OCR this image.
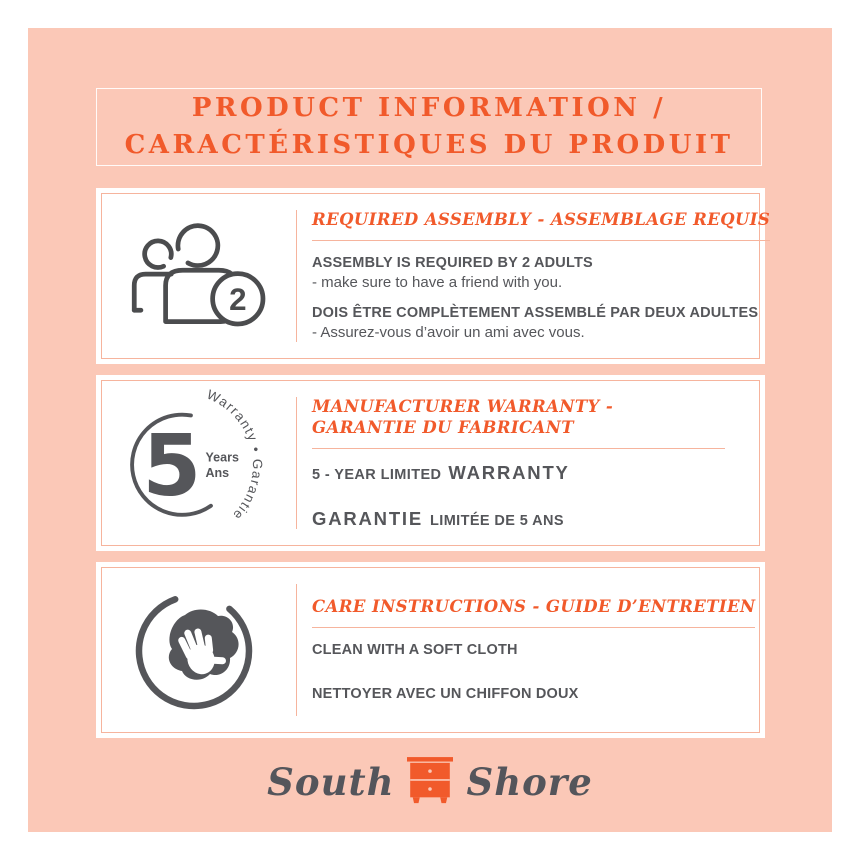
PRODUCT INFORMATION /
CARACTÉRISTIQUES DU PRODUIT
2
REQUIRED ASSEMBLY - ASSEMBLAGE REQUIS
ASSEMBLY IS REQUIRED BY 2 ADULTS
- make sure to have a friend with you.
DOIS ÊTRE COMPLÈTEMENT ASSEMBLÉ PAR DEUX ADULTES
- Assurez-vous d’avoir un ami avec vous.
5 Years
Ans
Warranty • Garantie
MANUFACTURER WARRANTY -
GARANTIE DU FABRICANT
5 - YEAR LIMITED WARRANTY
GARANTIE LIMITÉE DE 5 ANS
CARE INSTRUCTIONS - GUIDE D’ENTRETIEN
CLEAN WITH A SOFT CLOTH
NETTOYER AVEC UN CHIFFON DOUX
South Shore
